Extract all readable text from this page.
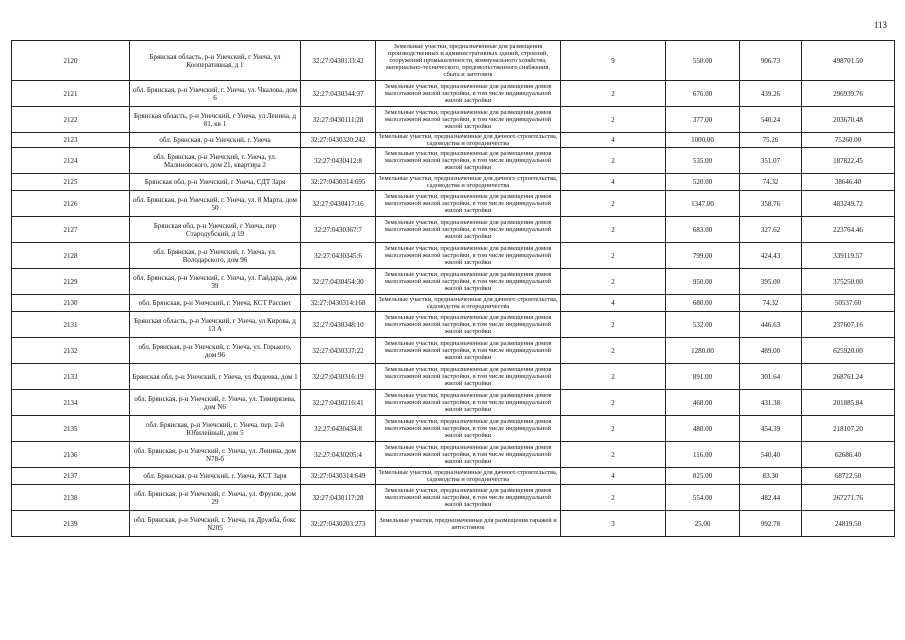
113
2120	Брянская область, р-н Унечский, г Унеча, ул Кооперативная, д 1	32:27:0430133:42	Земельные участки, предназначенные для размещения производственных и административных зданий, строений, сооружений промышленности, коммунального хозяйства, материально-технического, продовольственного снабжения, сбыта и заготовок	9	550.00	906.73	498701.50
2121	обл. Брянская, р-н Унечский, г. Унеча, ул. Чкалова, дом 6	32:27:0430344:37	Земельные участки, предназначенные для размещения домов малоэтажной жилой застройки, в том числе индивидуальной жилой застройки	2	676.00	439.26	296939.76
2122	Брянская область, р-н Унечский, г Унеча, ул Ленина, д 81, кв 1	32:27:0430111:28	Земельные участки, предназначенные для размещения домов малоэтажной жилой застройки, в том числе индивидуальной жилой застройки	2	377.00	540.24	203670.48
2123	обл. Брянская, р-н Унечский, г. Унеча	32:27:0430320:242	Земельные участки, предназначенные для дачного строительства, садоводства и огородничества	4	1000.00	75.26	75260.00
2124	обл. Брянская, р-н Унечский, г. Унеча, ул. Малиновского, дом 21, квартира 2	32:27:0430412:8	Земельные участки, предназначенные для размещения домов малоэтажной жилой застройки, в том числе индивидуальной жилой застройки	2	535.00	351.07	187822.45
2125	Брянская обл, р-н Унечский, г Унеча, СДТ Заря	32:27:0430314:695	Земельные участки, предназначенные для дачного строительства, садоводства и огородничества	4	520.00	74.32	38646.40
2126	обл. Брянская, р-н Унечский, г. Унеча, ул. 8 Марта, дом 50	32:27:0430417:16	Земельные участки, предназначенные для размещения домов малоэтажной жилой застройки, в том числе индивидуальной жилой застройки	2	1347.00	358.76	483249.72
2127	Брянская обл, р-н Унечский, г Унеча, пер Стародубский, д 19	32:27:0430367:7	Земельные участки, предназначенные для размещения домов малоэтажной жилой застройки, в том числе индивидуальной жилой застройки	2	683.00	327.62	223764.46
2128	обл. Брянская, р-н Унечский, г. Унеча, ул. Володарского, дом 96	32:27:0430345:6	Земельные участки, предназначенные для размещения домов малоэтажной жилой застройки, в том числе индивидуальной жилой застройки	2	799.00	424.43	339119.57
2129	обл. Брянская, р-н Унечский, г. Унеча, ул. Гайдара, дом 39	32:27:0430454:30	Земельные участки, предназначенные для размещения домов малоэтажной жилой застройки, в том числе индивидуальной жилой застройки	2	950.00	395.00	375250.00
2130	обл. Брянская, р-н Унечский, г. Унеча, КСТ Рассвет	32:27:0430314:168	Земельные участки, предназначенные для дачного строительства, садоводства и огородничества	4	680.00	74.32	50537.60
2131	Брянская область, р-н Унечский, г Унеча, ул Кирова, д 13 А	32:27:0430348:10	Земельные участки, предназначенные для размещения домов малоэтажной жилой застройки, в том числе индивидуальной жилой застройки	2	532.00	446.63	237607.16
2132	обл. Брянская, р-н Унечский, г. Унеча, ул. Горького, дом 96	32:27:0430337:22	Земельные участки, предназначенные для размещения домов малоэтажной жилой застройки, в том числе индивидуальной жилой застройки	2	1280.00	489.00	625920.00
2133	Брянская обл, р-н Унечский, г Унеча, ул Фадеева, дом 1	32:27:0430316:19	Земельные участки, предназначенные для размещения домов малоэтажной жилой застройки, в том числе индивидуальной жилой застройки	2	891.00	301.64	268761.24
2134	обл. Брянская, р-н Унечский, г. Унеча, ул. Тимирязева, дом N6	32:27:0430216:41	Земельные участки, предназначенные для размещения домов малоэтажной жилой застройки, в том числе индивидуальной жилой застройки	2	468.00	431.38	201885.84
2135	обл. Брянская, р-н Унечский, г. Унеча, пер. 2-й Юбилейный, дом 5	32:27:0430434:8	Земельные участки, предназначенные для размещения домов малоэтажной жилой застройки, в том числе индивидуальной жилой застройки	2	480.00	454.39	218107.20
2136	обл. Брянская, р-н Унечский, г. Унеча, ул. Ленина, дом N78-б	32:27:0430205:4	Земельные участки, предназначенные для размещения домов малоэтажной жилой застройки, в том числе индивидуальной жилой застройки	2	116.00	540.40	62686.40
2137	обл. Брянская, р-н Унечский, г. Унеча, КСТ Заря	32:27:0430314:649	Земельные участки, предназначенные для дачного строительства, садоводства и огородничества	4	825.00	83.30	68722.50
2138	обл. Брянская, р-н Унечский, г. Унеча, ул. Фрунзе, дом 29	32:27:0430117:28	Земельные участки, предназначенные для размещения домов малоэтажной жилой застройки, в том числе индивидуальной жилой застройки	2	554.00	482.44	267271.76
2139	обл. Брянская, р-н Унечский, г. Унеча, гк Дружба, бокс N205	32:27:0430203:273	Земельные участки, предназначенные для размещения гаражей и автостоянок	3	25.00	992.78	24819.50
